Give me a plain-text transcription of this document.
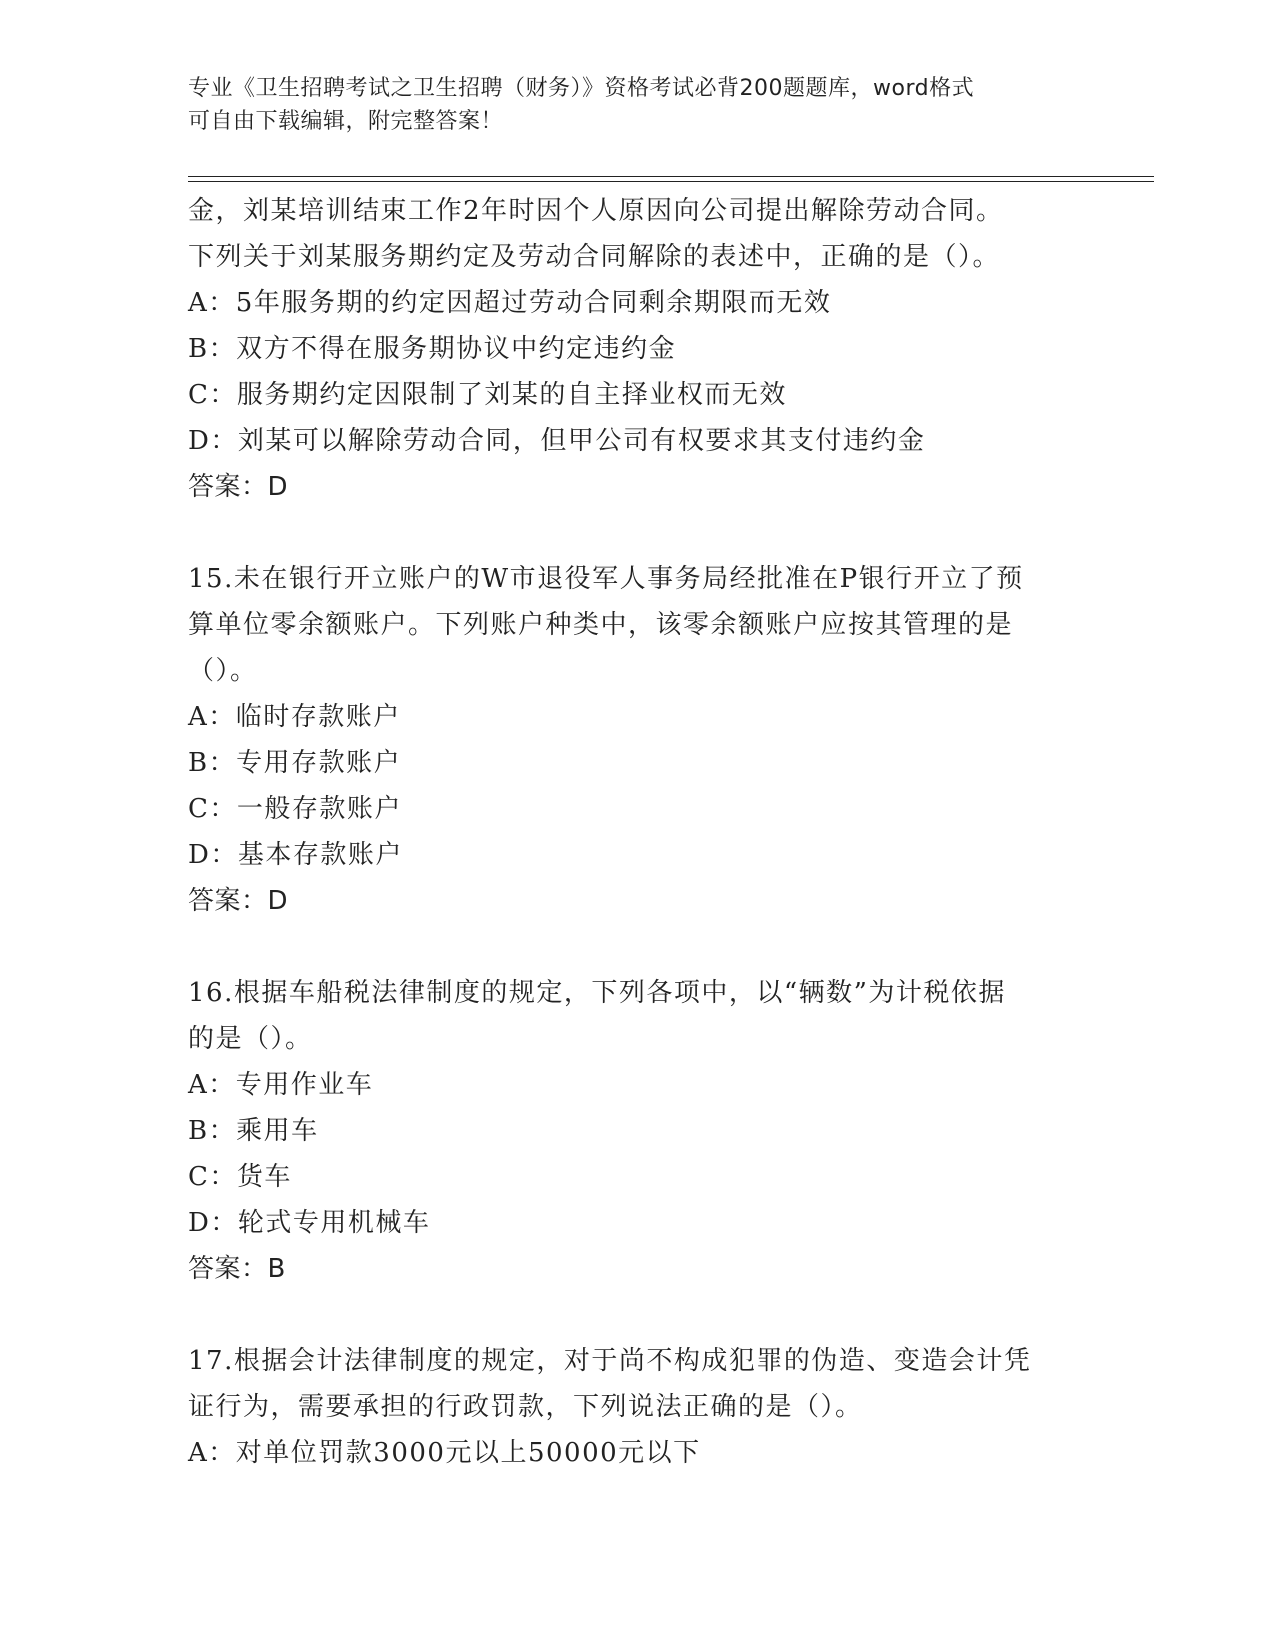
专业《卫生招聘考试之卫生招聘（财务）》资格考试必背200题题库，word格式
可自由下载编辑，附完整答案！
金，刘某培训结束工作2年时因个人原因向公司提出解除劳动合同。
下列关于刘某服务期约定及劳动合同解除的表述中，正确的是（）。
A：5年服务期的约定因超过劳动合同剩余期限而无效
B：双方不得在服务期协议中约定违约金
C：服务期约定因限制了刘某的自主择业权而无效
D：刘某可以解除劳动合同，但甲公司有权要求其支付违约金
答案：D
15.未在银行开立账户的W市退役军人事务局经批准在P银行开立了预
算单位零余额账户。下列账户种类中，该零余额账户应按其管理的是
（）。
A：临时存款账户
B：专用存款账户
C：一般存款账户
D：基本存款账户
答案：D
16.根据车船税法律制度的规定，下列各项中，以“辆数”为计税依据
的是（）。
A：专用作业车
B：乘用车
C：货车
D：轮式专用机械车
答案：B
17.根据会计法律制度的规定，对于尚不构成犯罪的伪造、变造会计凭
证行为，需要承担的行政罚款，下列说法正确的是（）。
A：对单位罚款3000元以上50000元以下
